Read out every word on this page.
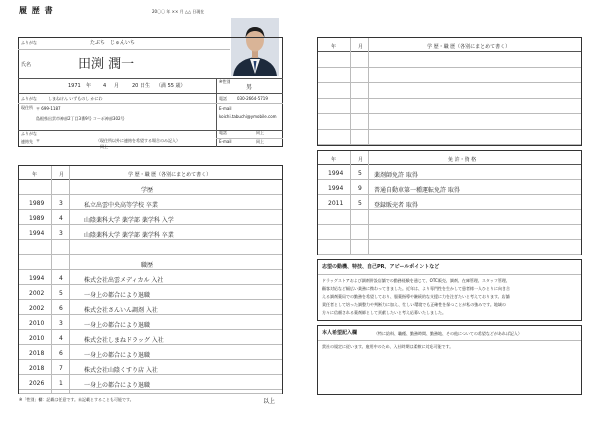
履 歴 書	20〇〇 年 ×× 月 △△ 日現在
ふりがな	たぶち　じゅんいち
氏名	田渕 潤一
1971 年 4 月	20 日生 （満 55 歳）
※性別
男
ふりがな	しまねけん いずものし かにわ	電話	030-2664-5719
E-mail
koichi.tabuchi@ymobile.com
現住所 〒 699-1187
島根県出雲市神部2丁目3番9号 コーポ神部302号
ふりがな
連絡先 〒	（現住所以外に連絡を希望する場合のみ記入）
同上
電話	同上
E-mail	同上
年	月	学 歴・職 歴（各別にまとめて書く）
学歴
1989 3	私立出雲中央高等学校 卒業
1989 4	山陰薬科大学 薬学部 薬学科 入学
1994 3	山陰薬科大学 薬学部 薬学科 卒業
職歴
1994 4	株式会社出雲メディカル 入社
2002 5	一身上の都合により退職
2002 6	株式会社さんいん調剤 入社
2010 3	一身上の都合により退職
2010 4	株式会社しまねドラッグ 入社
2018 6	一身上の都合により退職
2018 7	株式会社山陰くすり店 入社
2026 1	一身上の都合により退職
以上
※「性別」欄：記載は任意です。未記載とすることも可能です。
年	月	学 歴・職 歴（各別にまとめて書く）
年	月	免 許・資 格
1994 5 薬剤師免許 取得
1994 9 普通自動車第一種運転免許 取得
2011 5 登録販売者 取得
志望の動機、特技、自己PR、アピールポイントなど
ドラッグストアおよび調剤併設店舗での勤務経験を通じて、OTC販売、調剤、在庫管理、スタッフ管理、
顧客対応など幅広い業務に携わってきました。近年は、より専門性を生かして患者様一人ひとりに向き合
える調剤薬局での勤務を希望しており、服薬指導や継続的な支援に力を注ぎたいと考えております。店舗
責任者として培った調整力や判断力に加え、忙しい環境でも正確性を保つことが私の強みです。地域の
方々に信頼される薬剤師として貢献したいと考え応募いたしました。
本人希望記入欄	（特に給料、職種、勤務時間、勤務地、その他についての希望などがあれば記入）
貴社の規定に従います。雇用中のため、入社時期は柔軟に対応可能です。
